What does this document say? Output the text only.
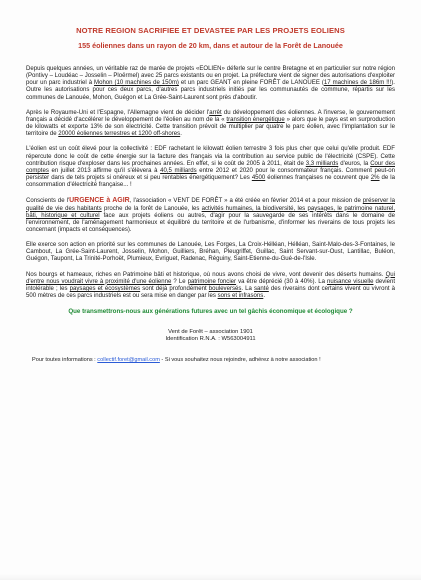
NOTRE REGION SACRIFIEE ET DEVASTEE PAR LES PROJETS EOLIENS
155 éoliennes dans un rayon de 20 km, dans et autour de la Forêt de Lanouée

Depuis quelques années, un véritable raz de marée de projets «EOLIEN» déferle sur le centre Bretagne et en particulier sur notre région (Pontivy – Loudéac – Josselin – Ploërmel) avec 25 parcs existants ou en projet. La préfecture vient de signer des autorisations d'exploiter pour un parc industriel à Mohon (10 machines de 150m) et un parc GEANT en pleine FORÊT de LANOUEE (17 machines de 186m !!!). Outre les autorisations pour ces deux parcs, d'autres parcs industriels initiés par les communautés de commune, répartis sur les communes de Lanouée, Mohon, Guégon et La Grée-Saint-Laurent sont près d'aboutir.

Après le Royaume-Uni et l'Espagne, l'Allemagne vient de décider l'arrêt du développement des éoliennes. A l'inverse, le gouvernement français a décidé d'accélérer le développement de l'éolien au nom de la « transition énergétique » alors que le pays est en surproduction de kilowatts et exporte 13% de son électricité. Cette transition prévoit de multiplier par quatre le parc éolien, avec l'implantation sur le territoire de 20000 éoliennes terrestres et 1200 off-shores.

L'éolien est un coût élevé pour la collectivité : EDF rachetant le kilowatt éolien terrestre 3 fois plus cher que celui qu'elle produit. EDF répercute donc le coût de cette énergie sur la facture des français via la contribution au service public de l'électricité (CSPE). Cette contribution risque d'exploser dans les prochaines années. En effet, si le coût de 2005 à 2011, était de 3,3 milliards d'euros, la Cour des comptes en juillet 2013 affirme qu'il s'élèvera à 40,5 milliards entre 2012 et 2020 pour le consommateur français. Comment peut-on persister dans de tels projets si onéreux et si peu rentables énergétiquement? Les 4500 éoliennes françaises ne couvrent que 2% de la consommation d'électricité française... !

Conscients de l'URGENCE à AGIR, l'association « VENT DE FORÊT » a été créée en février 2014 et a pour mission de préserver la qualité de vie des habitants proche de la forêt de Lanouée, les activités humaines, la biodiversité, les paysages, le patrimoine naturel, bâti, historique et culturel face aux projets éoliens ou autres, d'agir pour la sauvegarde de ses intérêts dans le domaine de l'environnement, de l'aménagement harmonieux et équilibré du territoire et de l'urbanisme, d'informer les riverains de tous projets les concernant (impacts et conséquences).

Elle exerce son action en priorité sur les communes de Lanouée, Les Forges, La Croix-Hélléan, Hélléan, Saint-Malo-des-3-Fontaines, le Cambout, La Grée-Saint-Laurent, Josselin, Mohon, Guilliers, Bréhan, Pleugriffet, Guillac, Saint Servant-sur-Oust, Lantillac, Buléon, Guégon, Taupont, La Trinité-Porhoët, Plumieux, Evriguet, Radenac, Réguiny, Saint-Etienne-du-Gué-de-l'Isle.

Nos bourgs et hameaux, riches en Patrimoine bâti et historique, où nous avons choisi de vivre, vont devenir des déserts humains. Qui d'entre nous voudrait vivre à proximité d'une éolienne ? Le patrimoine foncier va être déprécié (30 à 40%). La nuisance visuelle devient intolérable ; les paysages et écosystèmes sont déjà profondément bouleversés. La santé des riverains dont certains vivent ou vivront à 500 mètres de ces parcs industriels est ou sera mise en danger par les sons et infrasons.

Que transmettrons-nous aux générations futures avec un tel gâchis économique et écologique ?
Vent de Forêt – association 1901
Identification R.N.A. : W563004911
Pour toutes informations : collectif.foret@gmail.com - Si vous souhaitez nous rejoindre, adhérez à notre association !
